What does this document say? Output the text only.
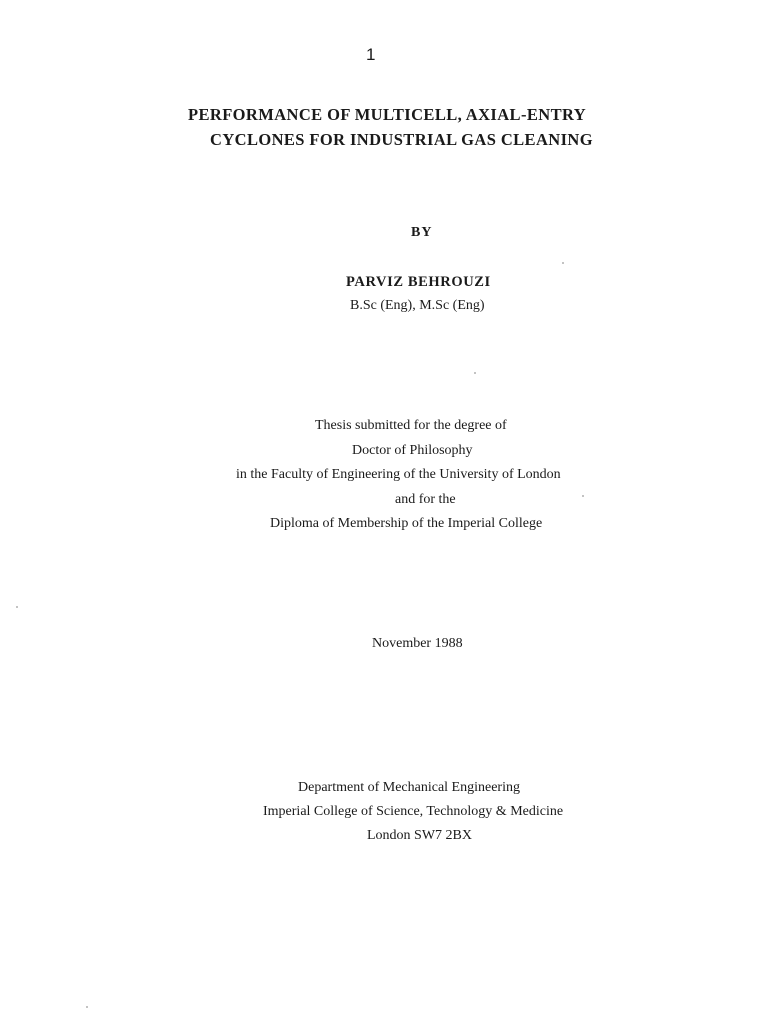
1

PERFORMANCE OF MULTICELL, AXIAL-ENTRY

CYCLONES FOR INDUSTRIAL GAS CLEANING

BY

PARVIZ BEHROUZI

B.Sc (Eng), M.Sc (Eng)

Thesis submitted for the degree of

Doctor of Philosophy

in the Faculty of Engineering of the University of London

and for the

Diploma of Membership of the Imperial College

November 1988

Department of Mechanical Engineering

Imperial College of Science, Technology & Medicine

London SW7 2BX
